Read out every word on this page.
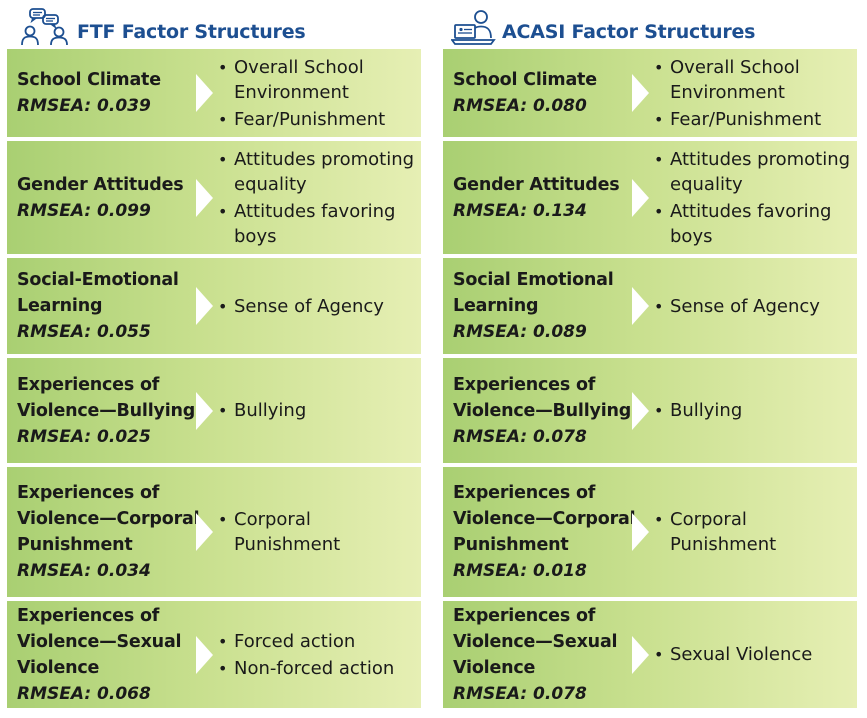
FTF Factor Structures
School Climate
RMSEA: 0.039
• Overall School Environment
• Fear/Punishment
Gender Attitudes
RMSEA: 0.099
• Attitudes promoting equality
• Attitudes favoring boys
Social-Emotional Learning
RMSEA: 0.055
• Sense of Agency
Experiences of Violence—Bullying
RMSEA: 0.025
• Bullying
Experiences of Violence—Corporal Punishment
RMSEA: 0.034
• Corporal Punishment
Experiences of Violence—Sexual Violence
RMSEA: 0.068
• Forced action
• Non-forced action
ACASI Factor Structures
School Climate
RMSEA: 0.080
• Overall School Environment
• Fear/Punishment
Gender Attitudes
RMSEA: 0.134
• Attitudes promoting equality
• Attitudes favoring boys
Social Emotional Learning
RMSEA: 0.089
• Sense of Agency
Experiences of Violence—Bullying
RMSEA: 0.078
• Bullying
Experiences of Violence—Corporal Punishment
RMSEA: 0.018
• Corporal Punishment
Experiences of Violence—Sexual Violence
RMSEA: 0.078
• Sexual Violence
